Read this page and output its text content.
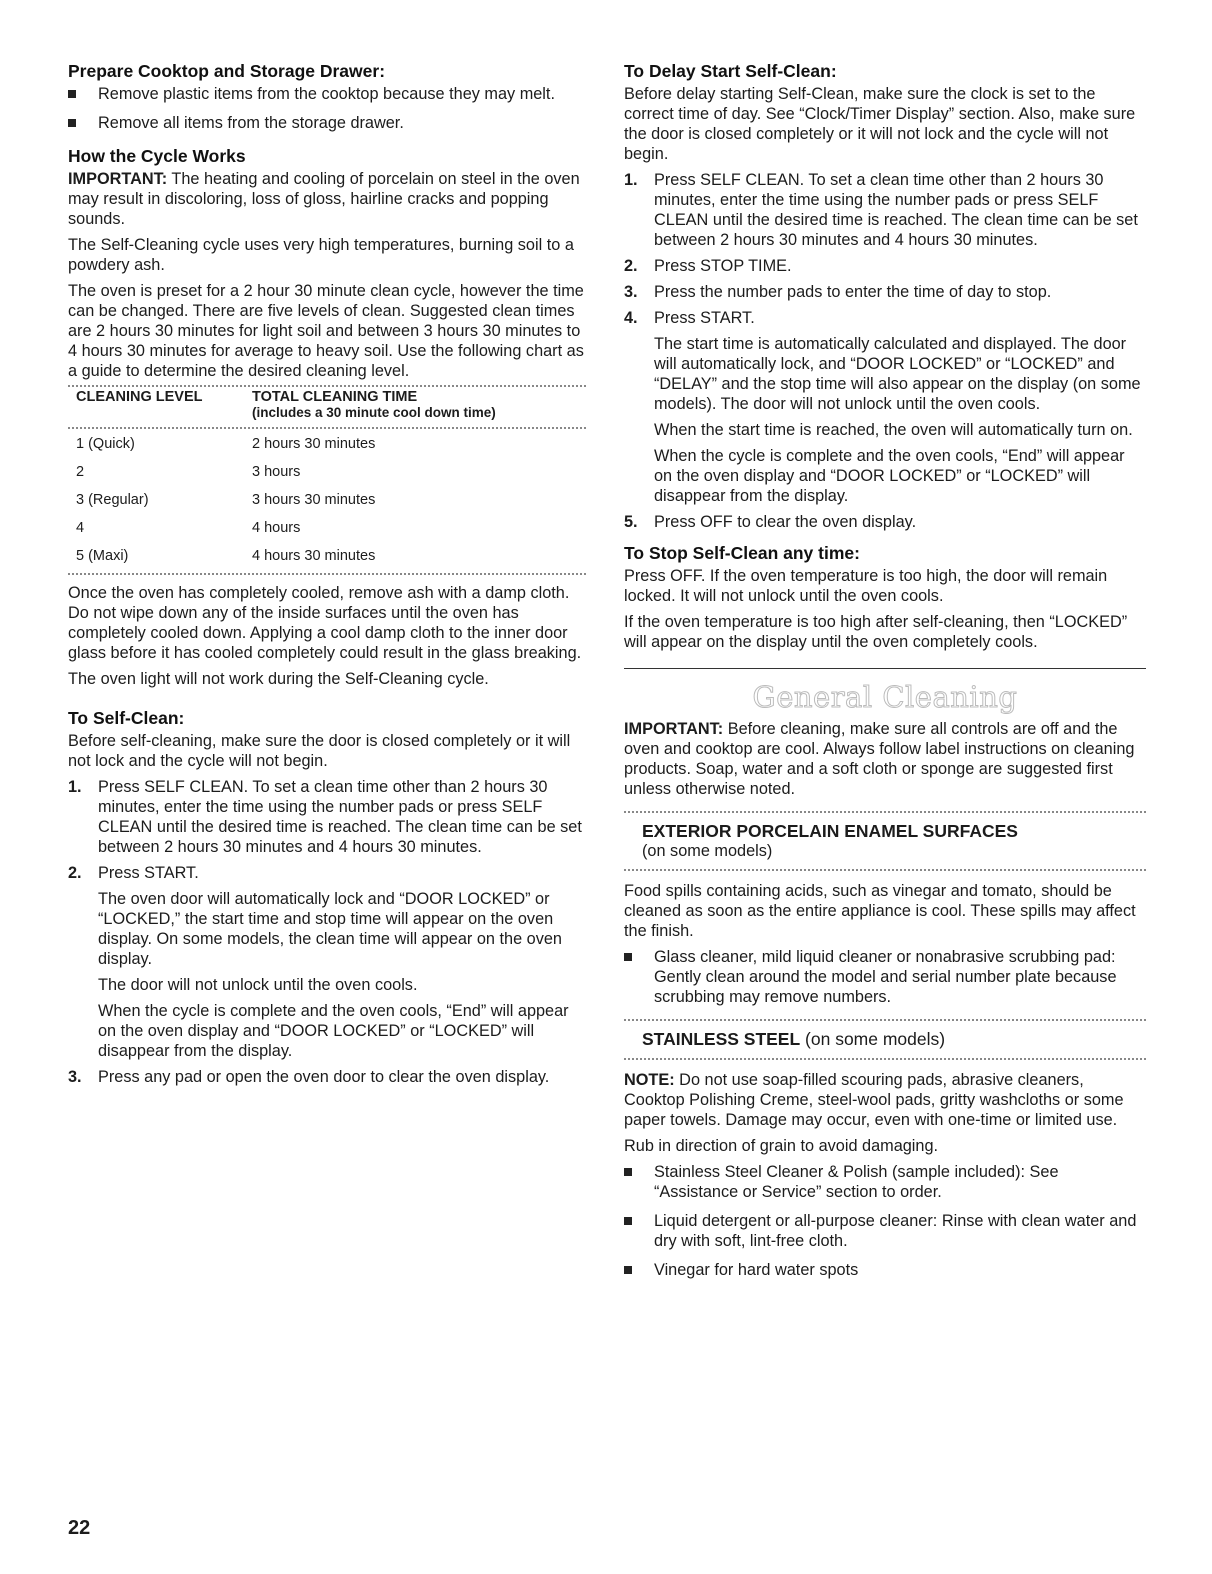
Prepare Cooktop and Storage Drawer:
Remove plastic items from the cooktop because they may melt.
Remove all items from the storage drawer.
How the Cycle Works

IMPORTANT: The heating and cooling of porcelain on steel in the oven may result in discoloring, loss of gloss, hairline cracks and popping sounds.

The Self-Cleaning cycle uses very high temperatures, burning soil to a powdery ash.

The oven is preset for a 2 hour 30 minute clean cycle, however the time can be changed. There are five levels of clean. Suggested clean times are 2 hours 30 minutes for light soil and between 3 hours 30 minutes to 4 hours 30 minutes for average to heavy soil. Use the following chart as a guide to determine the desired cleaning level.

CLEANING LEVEL	TOTAL CLEANING TIME
(includes a 30 minute cool down time)

1 (Quick)	2 hours 30 minutes
2	3 hours
3 (Regular)	3 hours 30 minutes
4	4 hours
5 (Maxi)	4 hours 30 minutes

Once the oven has completely cooled, remove ash with a damp cloth. Do not wipe down any of the inside surfaces until the oven has completely cooled down. Applying a cool damp cloth to the inner door glass before it has cooled completely could result in the glass breaking.

The oven light will not work during the Self-Cleaning cycle.

To Self-Clean:

Before self-cleaning, make sure the door is closed completely or it will not lock and the cycle will not begin.

1. Press SELF CLEAN. To set a clean time other than 2 hours 30 minutes, enter the time using the number pads or press SELF CLEAN until the desired time is reached. The clean time can be set between 2 hours 30 minutes and 4 hours 30 minutes.
2. Press START.

The oven door will automatically lock and “DOOR LOCKED” or “LOCKED,” the start time and stop time will appear on the oven display. On some models, the clean time will appear on the oven display.

The door will not unlock until the oven cools.

When the cycle is complete and the oven cools, “End” will appear on the oven display and “DOOR LOCKED” or “LOCKED” will disappear from the display.

3. Press any pad or open the oven door to clear the oven display.
To Delay Start Self-Clean:

Before delay starting Self-Clean, make sure the clock is set to the correct time of day. See “Clock/Timer Display” section. Also, make sure the door is closed completely or it will not lock and the cycle will not begin.

1. Press SELF CLEAN. To set a clean time other than 2 hours 30 minutes, enter the time using the number pads or press SELF CLEAN until the desired time is reached. The clean time can be set between 2 hours 30 minutes and 4 hours 30 minutes.
2. Press STOP TIME.
3. Press the number pads to enter the time of day to stop.
4. Press START.

The start time is automatically calculated and displayed. The door will automatically lock, and “DOOR LOCKED” or “LOCKED” and “DELAY” and the stop time will also appear on the display (on some models). The door will not unlock until the oven cools.

When the start time is reached, the oven will automatically turn on.

When the cycle is complete and the oven cools, “End” will appear on the oven display and “DOOR LOCKED” or “LOCKED” will disappear from the display.

5. Press OFF to clear the oven display.
To Stop Self-Clean any time:

Press OFF. If the oven temperature is too high, the door will remain locked. It will not unlock until the oven cools.

If the oven temperature is too high after self-cleaning, then “LOCKED” will appear on the display until the oven completely cools.

General Cleaning

IMPORTANT: Before cleaning, make sure all controls are off and the oven and cooktop are cool. Always follow label instructions on cleaning products. Soap, water and a soft cloth or sponge are suggested first unless otherwise noted.

EXTERIOR PORCELAIN ENAMEL SURFACES
(on some models)

Food spills containing acids, such as vinegar and tomato, should be cleaned as soon as the entire appliance is cool. These spills may affect the finish.

Glass cleaner, mild liquid cleaner or nonabrasive scrubbing pad: Gently clean around the model and serial number plate because scrubbing may remove numbers.
STAINLESS STEEL (on some models)

NOTE: Do not use soap-filled scouring pads, abrasive cleaners, Cooktop Polishing Creme, steel-wool pads, gritty washcloths or some paper towels. Damage may occur, even with one-time or limited use.

Rub in direction of grain to avoid damaging.

Stainless Steel Cleaner & Polish (sample included): See “Assistance or Service” section to order.
Liquid detergent or all-purpose cleaner: Rinse with clean water and dry with soft, lint-free cloth.
Vinegar for hard water spots
22
